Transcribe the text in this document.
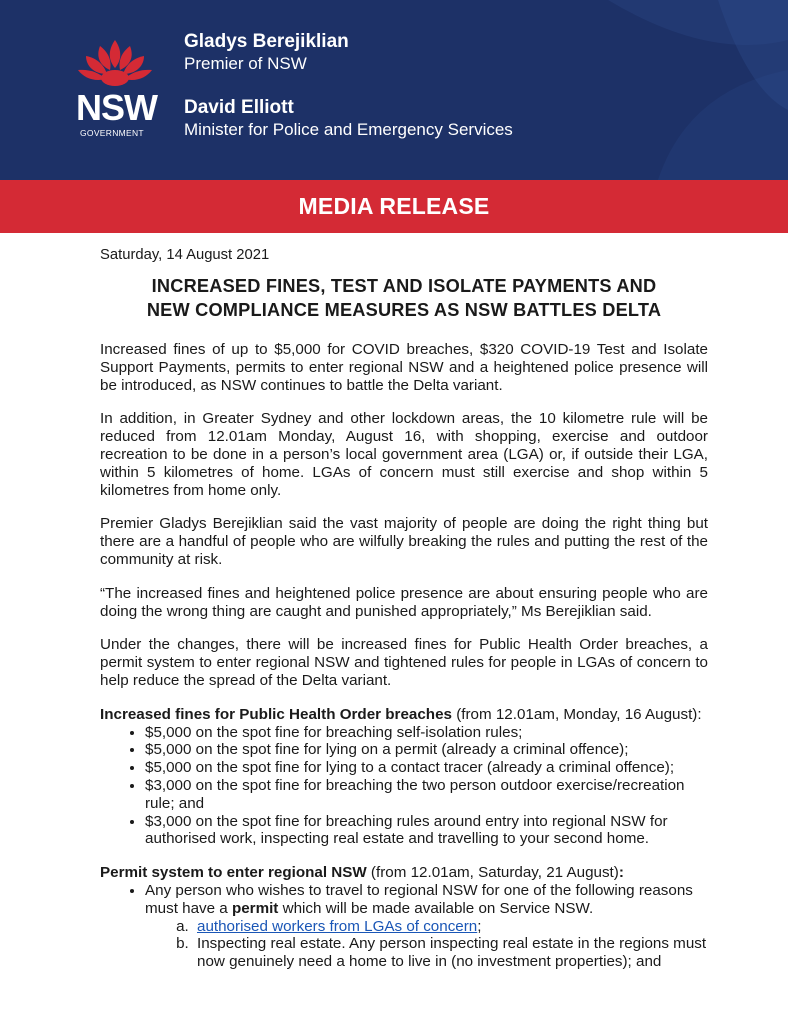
NSW
GOVERNMENT
Gladys Berejiklian
Premier of NSW
David Elliott
Minister for Police and Emergency Services
MEDIA RELEASE
Saturday, 14 August 2021
INCREASED FINES, TEST AND ISOLATE PAYMENTS AND
NEW COMPLIANCE MEASURES AS NSW BATTLES DELTA
Increased fines of up to $5,000 for COVID breaches, $320 COVID-19 Test and Isolate Support Payments, permits to enter regional NSW and a heightened police presence will be introduced, as NSW continues to battle the Delta variant.
In addition, in Greater Sydney and other lockdown areas, the 10 kilometre rule will be reduced from 12.01am Monday, August 16, with shopping, exercise and outdoor recreation to be done in a person’s local government area (LGA) or, if outside their LGA, within 5 kilometres of home. LGAs of concern must still exercise and shop within 5 kilometres from home only.
Premier Gladys Berejiklian said the vast majority of people are doing the right thing but there are a handful of people who are wilfully breaking the rules and putting the rest of the community at risk.
“The increased fines and heightened police presence are about ensuring people who are doing the wrong thing are caught and punished appropriately,” Ms Berejiklian said.
Under the changes, there will be increased fines for Public Health Order breaches, a permit system to enter regional NSW and tightened rules for people in LGAs of concern to help reduce the spread of the Delta variant.
Increased fines for Public Health Order breaches (from 12.01am, Monday, 16 August):
• $5,000 on the spot fine for breaching self-isolation rules;
• $5,000 on the spot fine for lying on a permit (already a criminal offence);
• $5,000 on the spot fine for lying to a contact tracer (already a criminal offence);
• $3,000 on the spot fine for breaching the two person outdoor exercise/recreation rule; and
• $3,000 on the spot fine for breaching rules around entry into regional NSW for authorised work, inspecting real estate and travelling to your second home.
Permit system to enter regional NSW (from 12.01am, Saturday, 21 August):
• Any person who wishes to travel to regional NSW for one of the following reasons must have a permit which will be made available on Service NSW.
a. authorised workers from LGAs of concern;
b. Inspecting real estate. Any person inspecting real estate in the regions must now genuinely need a home to live in (no investment properties); and
